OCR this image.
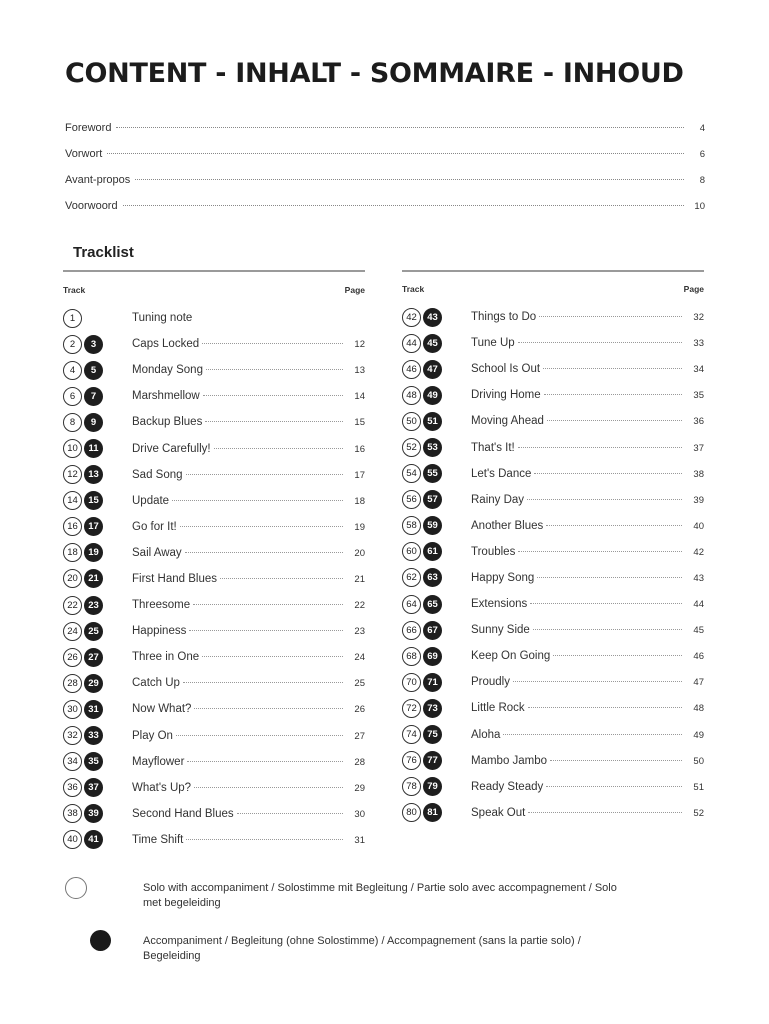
CONTENT - INHALT - SOMMAIRE - INHOUD
Foreword	4
Vorwort	6
Avant-propos	8
Voorwoord	10
Tracklist
Track	Page
1	Tuning note
2	3	Caps Locked	12
4	5	Monday Song	13
6	7	Marshmellow	14
8	9	Backup Blues	15
10	11	Drive Carefully!	16
12	13	Sad Song	17
14	15	Update	18
16	17	Go for It!	19
18	19	Sail Away	20
20	21	First Hand Blues	21
22	23	Threesome	22
24	25	Happiness	23
26	27	Three in One	24
28	29	Catch Up	25
30	31	Now What?	26
32	33	Play On	27
34	35	Mayflower	28
36	37	What's Up?	29
38	39	Second Hand Blues	30
40	41	Time Shift	31
Track	Page
42	43	Things to Do	32
44	45	Tune Up	33
46	47	School Is Out	34
48	49	Driving Home	35
50	51	Moving Ahead	36
52	53	That's It!	37
54	55	Let's Dance	38
56	57	Rainy Day	39
58	59	Another Blues	40
60	61	Troubles	42
62	63	Happy Song	43
64	65	Extensions	44
66	67	Sunny Side	45
68	69	Keep On Going	46
70	71	Proudly	47
72	73	Little Rock	48
74	75	Aloha	49
76	77	Mambo Jambo	50
78	79	Ready Steady	51
80	81	Speak Out	52
Solo with accompaniment / Solostimme mit Begleitung / Partie solo avec accompagnement / Solo met begeleiding
Accompaniment / Begleitung (ohne Solostimme) / Accompagnement (sans la partie solo) / Begeleiding
